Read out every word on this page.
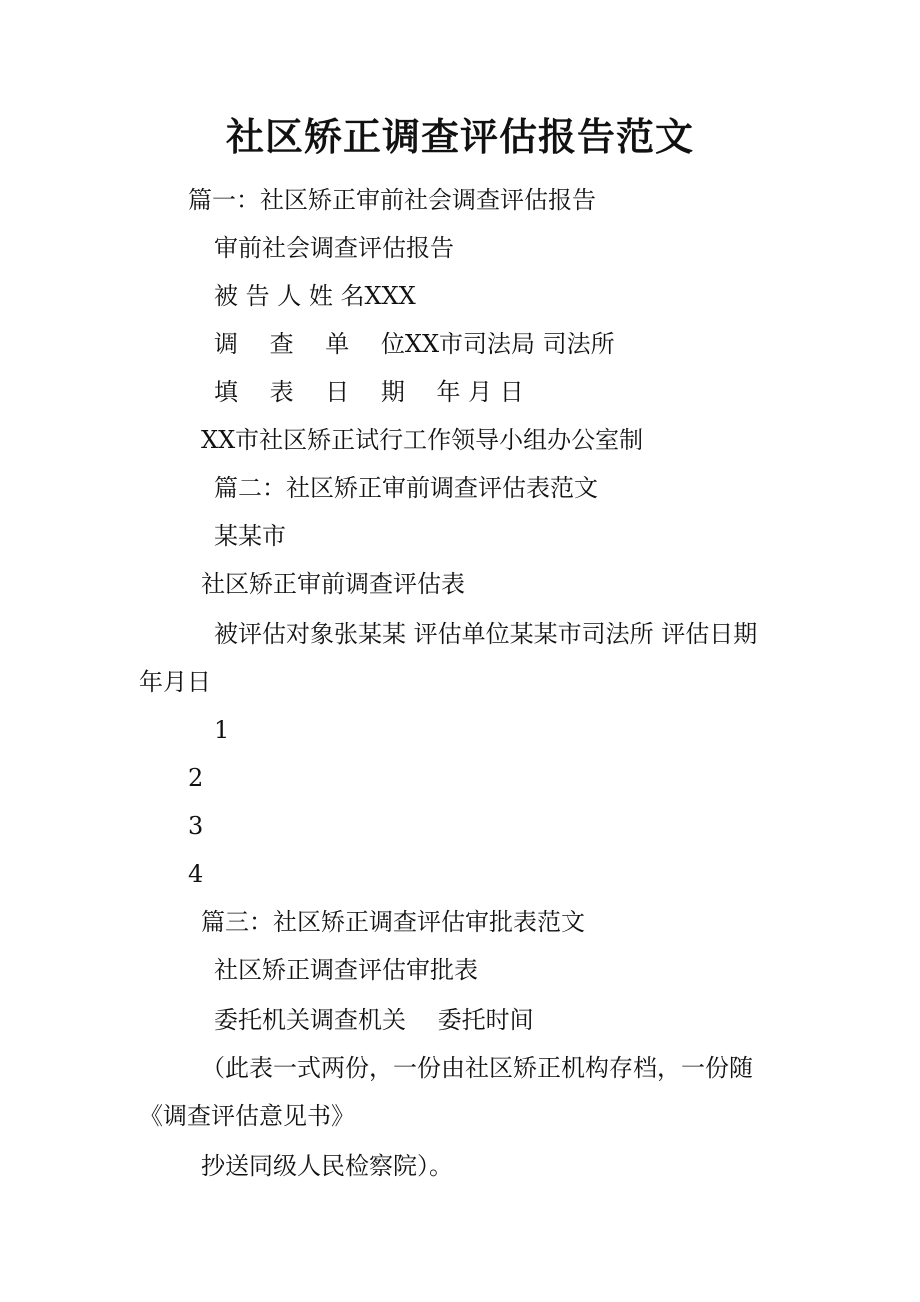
社区矫正调查评估报告范文
篇一：社区矫正审前社会调查评估报告
审前社会调查评估报告
被 告 人 姓 名XXX
调　 查　 单　 位XX市司法局 司法所
填　 表　 日　 期　 年 月 日
XX市社区矫正试行工作领导小组办公室制
篇二：社区矫正审前调查评估表范文
某某市
社区矫正审前调查评估表
被评估对象张某某 评估单位某某市司法所 评估日期
年月日
1
2
3
4
篇三：社区矫正调查评估审批表范文
社区矫正调查评估审批表
委托机关调查机关　 委托时间
（此表一式两份，一份由社区矫正机构存档，一份随
《调查评估意见书》
抄送同级人民检察院）。
